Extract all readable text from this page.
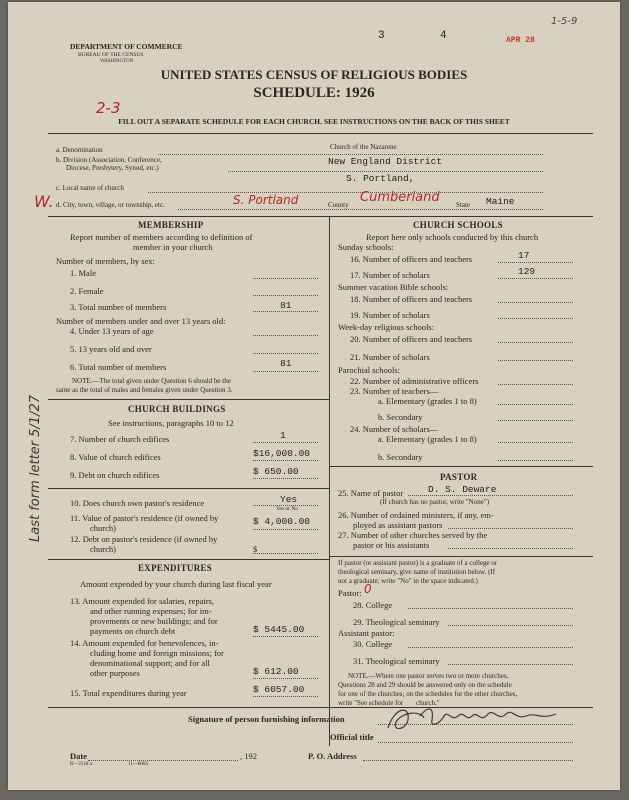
DEPARTMENT OF COMMERCE
BUREAU OF THE CENSUS
WASHINGTON
3	4	APR 28
1-5-9
UNITED STATES CENSUS OF RELIGIOUS BODIES
SCHEDULE: 1926
2-3
FILL OUT A SEPARATE SCHEDULE FOR EACH CHURCH. SEE INSTRUCTIONS ON THE BACK OF THIS SHEET
a. Denomination	Church of the Nazarene
b. Division (Association, Conference,
Diocese, Presbytery, Synod, etc.)
New England District
c. Local name of church
S. Portland,
W. d. City, town, village, or township, etc.	S. Portland	County Cumberland State Maine
MEMBERSHIP
Report number of members according to definition of
member in your church
Number of members, by sex:
1. Male
2. Female
3. Total number of members	81
Number of members under and over 13 years old:
4. Under 13 years of age
5. 13 years old and over
6. Total number of members	81
NOTE.—The total given under Question 6 should be the
same as the total of males and females given under Question 3.
CHURCH BUILDINGS
See instructions, paragraphs 10 to 12
7. Number of church edifices	1
8. Value of church edifices	$16,000.00
9. Debt on church edifices	$ 650.00
10. Does church own pastor's residence	Yes
Yes or No
11. Value of pastor's residence (if owned by
church)
$ 4,000.00
12. Debt on pastor's residence (if owned by
church)	$
EXPENDITURES
Amount expended by your church during last fiscal year
13. Amount expended for salaries, repairs,
and other running expenses; for im-
provements or new buildings; and for
payments on church debt	$ 5445.00
14. Amount expended for benevolences, in-
cluding home and foreign missions; for
denominational support; and for all
other purposes	$ 612.00
15. Total expenditures during year	$ 6057.00
CHURCH SCHOOLS
Report here only schools conducted by this church
Sunday schools:
16. Number of officers and teachers	17
17. Number of scholars	129
Summer vacation Bible schools:
18. Number of officers and teachers
19. Number of scholars
Week-day religious schools:
20. Number of officers and teachers
21. Number of scholars
Parochial schools:
22. Number of administrative officers
23. Number of teachers—
a. Elementary (grades 1 to 8)
b. Secondary
24. Number of scholars—
a. Elementary (grades 1 to 8)
b. Secondary
PASTOR
25. Name of pastor	D. S. Deware
(If church has no pastor, write "None")
26. Number of ordained ministers, if any, em-
ployed as assistant pastors
27. Number of other churches served by the
pastor or his assistants
If pastor (or assistant pastor) is a graduate of a college or
theological seminary, give name of institution below. (If
not a graduate, write "No" in the space indicated.)
Pastor: 0
28. College
29. Theological seminary
Assistant pastor:
30. College
31. Theological seminary
NOTE.—Where one pastor serves two or more churches,
Questions 28 and 29 should be answered only on the schedule
for one of the churches; on the schedules for the other churches,
write "See schedule for church."
Signature of person furnishing information
Official title
Date	, 192	P. O. Address
R—2518 a	11—8064
Last form letter 5/1/27
